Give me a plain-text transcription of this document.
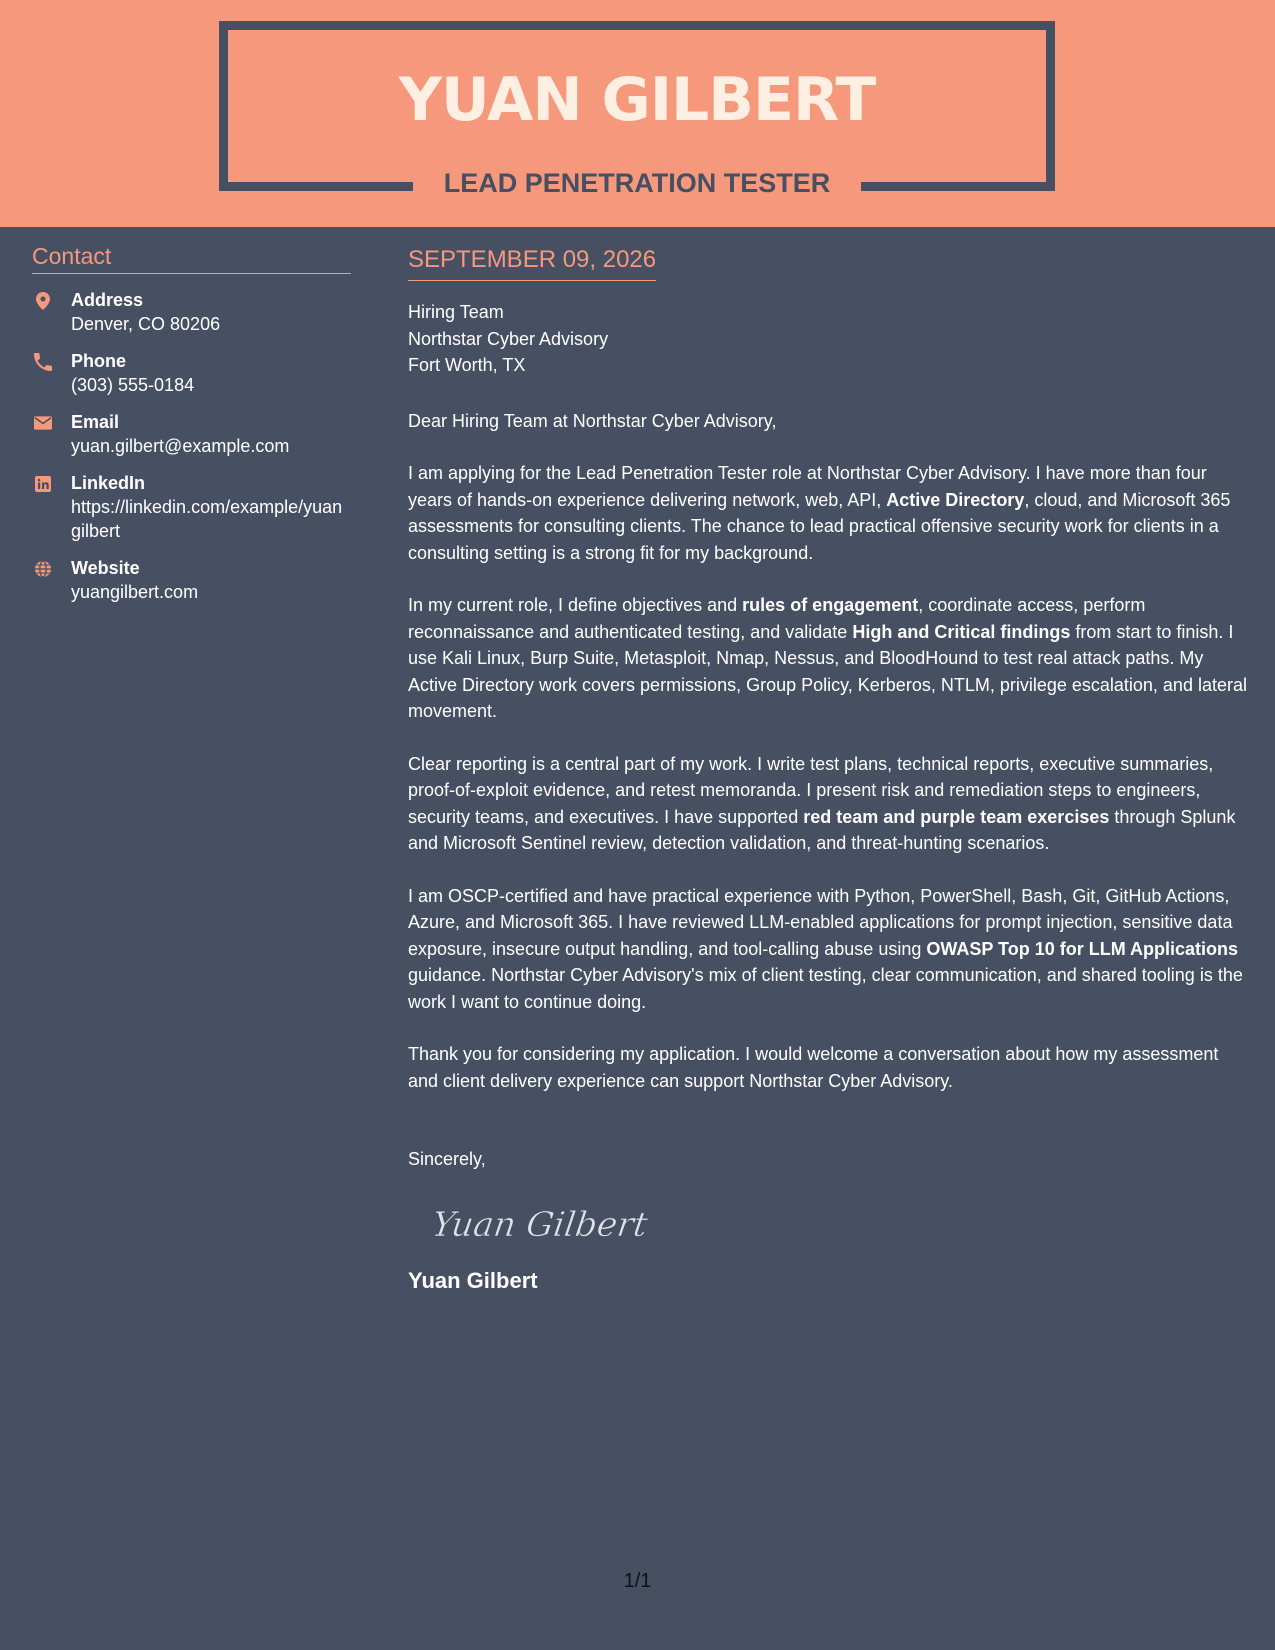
YUAN GILBERT
LEAD PENETRATION TESTER
Contact
Address
Denver, CO 80206
Phone
(303) 555-0184
Email
yuan.gilbert@example.com
LinkedIn
https://linkedin.com/example/yuangilbert
Website
yuangilbert.com
SEPTEMBER 09, 2026
Hiring Team
Northstar Cyber Advisory
Fort Worth, TX

Dear Hiring Team at Northstar Cyber Advisory,

I am applying for the Lead Penetration Tester role at Northstar Cyber Advisory. I have more than four years of hands-on experience delivering network, web, API, Active Directory, cloud, and Microsoft 365 assessments for consulting clients. The chance to lead practical offensive security work for clients in a consulting setting is a strong fit for my background.

In my current role, I define objectives and rules of engagement, coordinate access, perform reconnaissance and authenticated testing, and validate High and Critical findings from start to finish. I use Kali Linux, Burp Suite, Metasploit, Nmap, Nessus, and BloodHound to test real attack paths. My Active Directory work covers permissions, Group Policy, Kerberos, NTLM, privilege escalation, and lateral movement.

Clear reporting is a central part of my work. I write test plans, technical reports, executive summaries, proof-of-exploit evidence, and retest memoranda. I present risk and remediation steps to engineers, security teams, and executives. I have supported red team and purple team exercises through Splunk and Microsoft Sentinel review, detection validation, and threat-hunting scenarios.

I am OSCP-certified and have practical experience with Python, PowerShell, Bash, Git, GitHub Actions, Azure, and Microsoft 365. I have reviewed LLM-enabled applications for prompt injection, sensitive data exposure, insecure output handling, and tool-calling abuse using OWASP Top 10 for LLM Applications guidance. Northstar Cyber Advisory's mix of client testing, clear communication, and shared tooling is the work I want to continue doing.

Thank you for considering my application. I would welcome a conversation about how my assessment and client delivery experience can support Northstar Cyber Advisory.

Sincerely,
Yuan Gilbert
Yuan Gilbert
1/1
